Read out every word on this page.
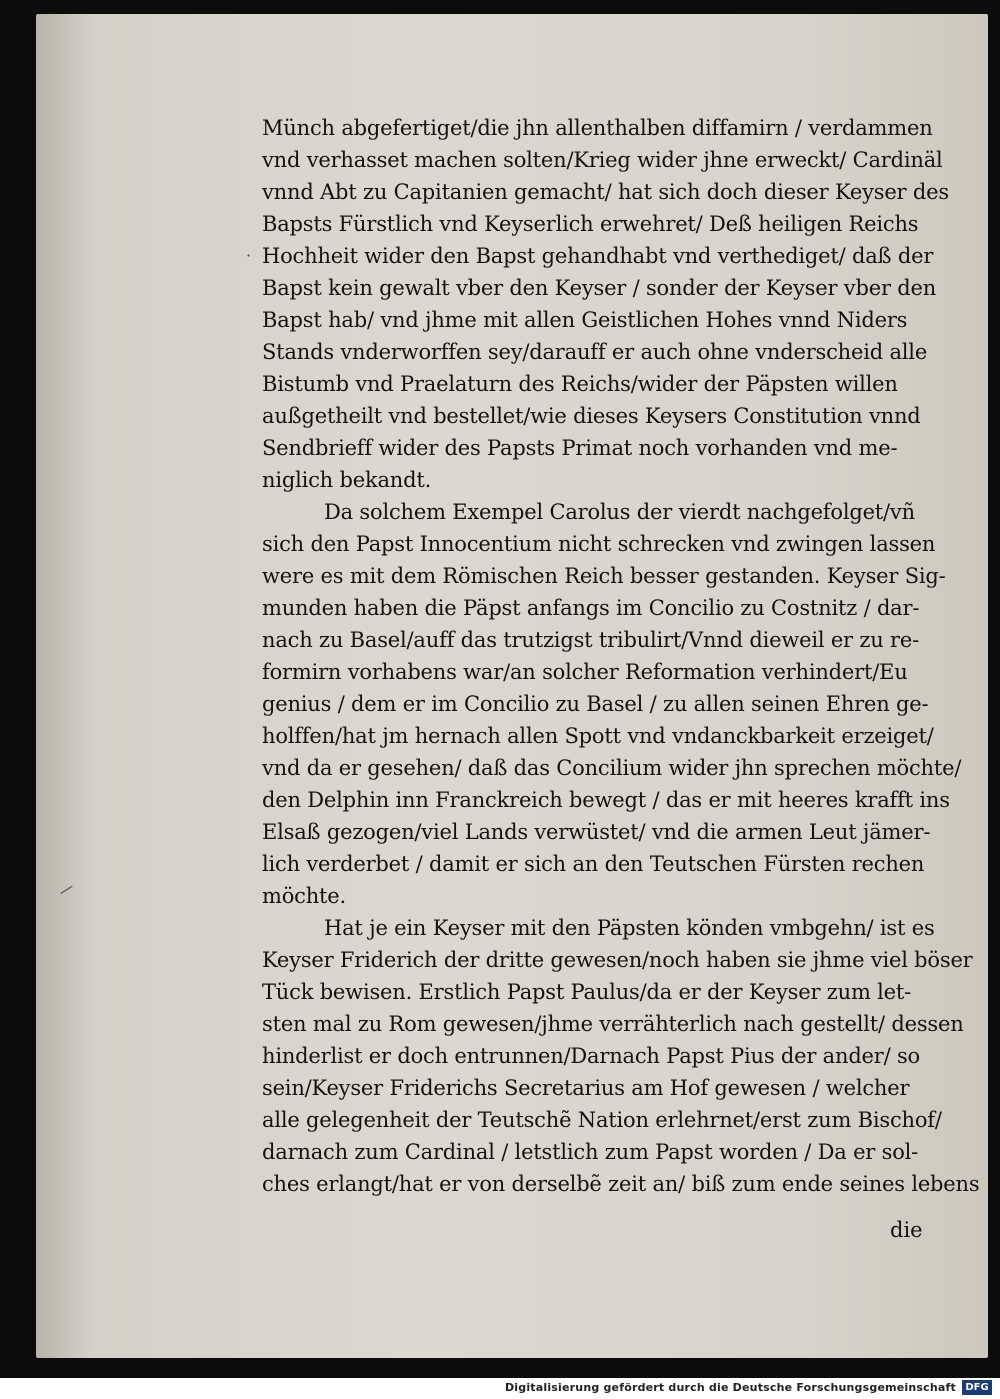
Münch abgefertiget/die jhn allenthalben diffamirn / verdammen
vnd verhasset machen solten/Krieg wider jhne erweckt/ Cardinäl
vnnd Abt zu Capitanien gemacht/ hat sich doch dieser Keyser des
Bapsts Fürstlich vnd Keyserlich erwehret/ Deß heiligen Reichs
Hochheit wider den Bapst gehandhabt vnd verthediget/ daß der
Bapst kein gewalt vber den Keyser / sonder der Keyser vber den
Bapst hab/ vnd jhme mit allen Geistlichen Hohes vnnd Niders
Stands vnderworffen sey/darauff er auch ohne vnderscheid alle
Bistumb vnd Praelaturn des Reichs/wider der Päpsten willen
außgetheilt vnd bestellet/wie dieses Keysers Constitution vnnd
Sendbrieff wider des Papsts Primat noch vorhanden vnd me-
niglich bekandt.
Da solchem Exempel Carolus der vierdt nachgefolget/vñ
sich den Papst Innocentium nicht schrecken vnd zwingen lassen
were es mit dem Römischen Reich besser gestanden. Keyser Sig-
munden haben die Päpst anfangs im Concilio zu Costnitz / dar-
nach zu Basel/auff das trutzigst tribulirt/Vnnd dieweil er zu re-
formirn vorhabens war/an solcher Reformation verhindert/Eu
genius / dem er im Concilio zu Basel / zu allen seinen Ehren ge-
holffen/hat jm hernach allen Spott vnd vndanckbarkeit erzeiget/
vnd da er gesehen/ daß das Concilium wider jhn sprechen möchte/
den Delphin inn Franckreich bewegt / das er mit heeres krafft ins
Elsaß gezogen/viel Lands verwüstet/ vnd die armen Leut jämer-
lich verderbet / damit er sich an den Teutschen Fürsten rechen
möchte.
Hat je ein Keyser mit den Päpsten könden vmbgehn/ ist es
Keyser Friderich der dritte gewesen/noch haben sie jhme viel böser
Tück bewisen. Erstlich Papst Paulus/da er der Keyser zum let-
sten mal zu Rom gewesen/jhme verrähterlich nach gestellt/ dessen
hinderlist er doch entrunnen/Darnach Papst Pius der ander/ so
sein/Keyser Friderichs Secretarius am Hof gewesen / welcher
alle gelegenheit der Teutschẽ Nation erlehrnet/erst zum Bischof/
darnach zum Cardinal / letstlich zum Papst worden / Da er sol-
ches erlangt/hat er von derselbẽ zeit an/ biß zum ende seines lebens
die
·
/
Digitalisierung gefördert durch die Deutsche Forschungsgemeinschaft DFG
